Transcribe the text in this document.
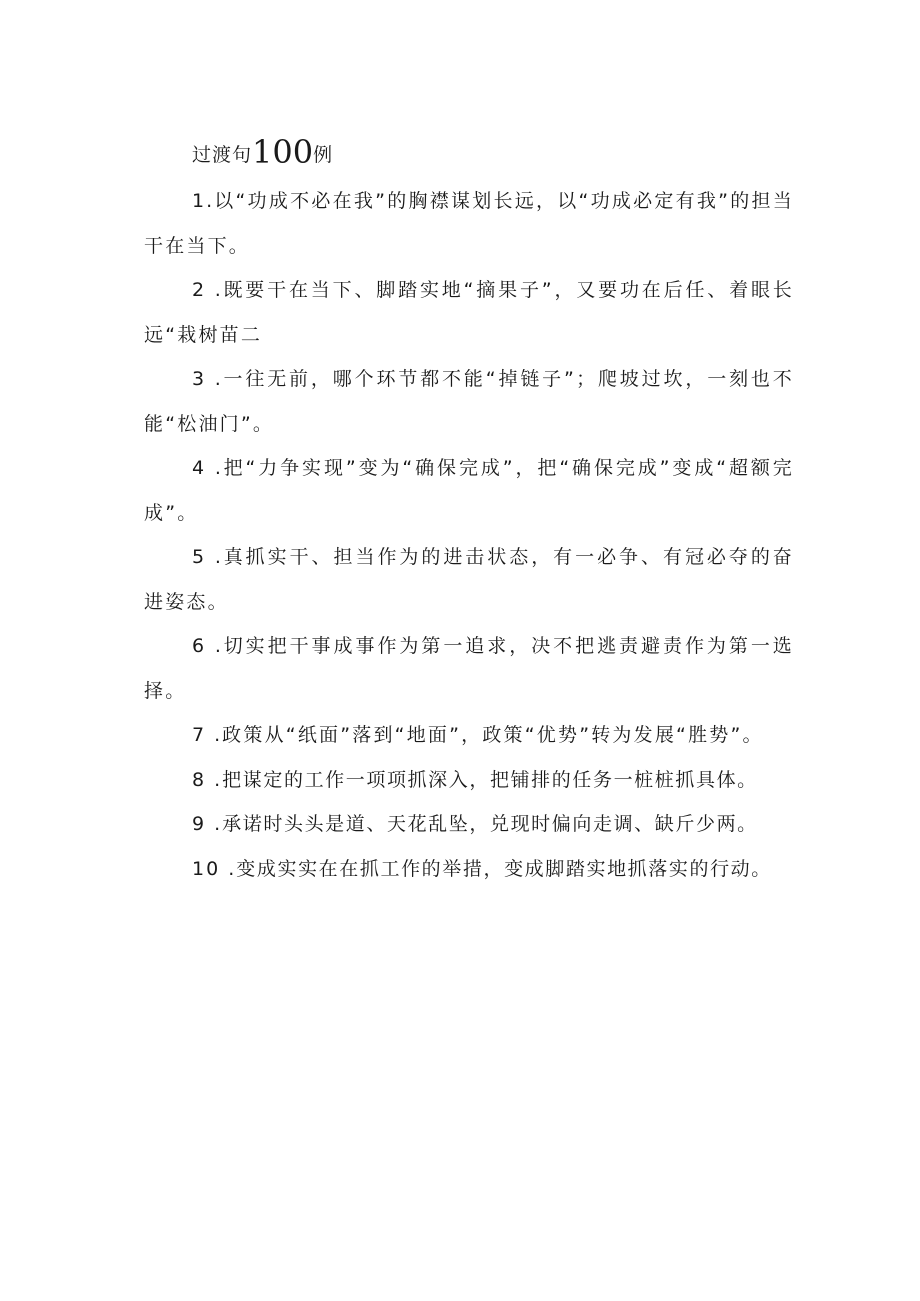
过渡句100例

1.以“功成不必在我”的胸襟谋划长远，以“功成必定有我”的担当干在当下。

2 .既要干在当下、脚踏实地“摘果子”，又要功在后任、着眼长远“栽树苗二

3 .一往无前，哪个环节都不能“掉链子”；爬坡过坎，一刻也不能“松油门”。

4 .把“力争实现”变为“确保完成”，把“确保完成”变成“超额完成”。

5 .真抓实干、担当作为的进击状态，有一必争、有冠必夺的奋进姿态。

6 .切实把干事成事作为第一追求，决不把逃责避责作为第一选择。

7 .政策从“纸面”落到“地面”，政策“优势”转为发展“胜势”。

8 .把谋定的工作一项项抓深入，把铺排的任务一桩桩抓具体。

9 .承诺时头头是道、天花乱坠，兑现时偏向走调、缺斤少两。

10 .变成实实在在抓工作的举措，变成脚踏实地抓落实的行动。
